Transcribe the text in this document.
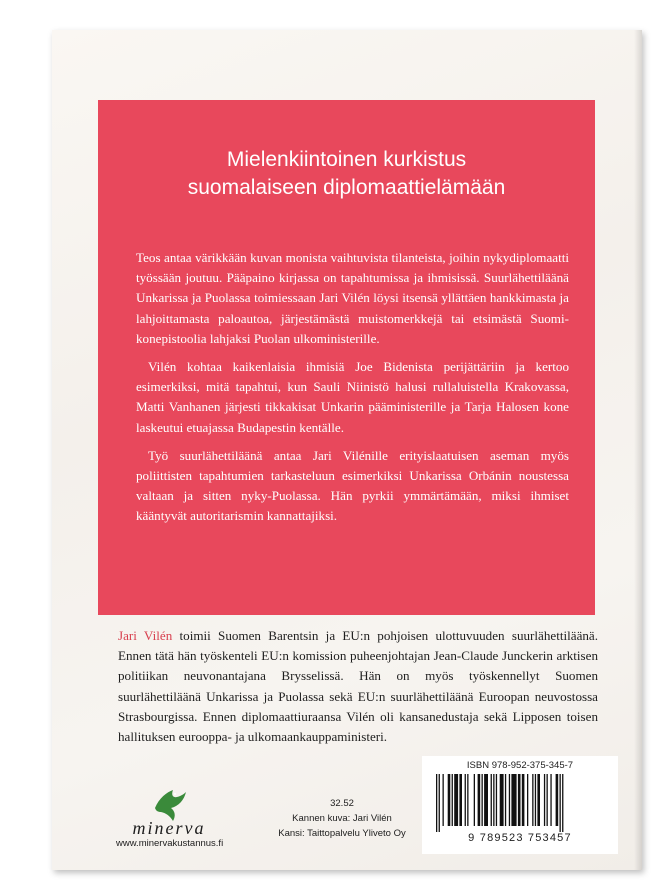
Mielenkiintoinen kurkistus
suomalaiseen diplomaattielämään

Teos antaa värikkään kuvan monista vaihtuvista tilanteista, joihin nykydiplomaatti työssään joutuu. Pääpaino kirjassa on tapahtumissa ja ihmisissä. Suurlähettiläänä Unkarissa ja Puolassa toimiessaan Jari Vilén löysi itsensä yllättäen hankkimasta ja lahjoittamasta paloautoa, järjestämästä muistomerkkejä tai etsimästä Suomi-konepistoolia lahjaksi Puolan ulkoministerille.

Vilén kohtaa kaikenlaisia ihmisiä Joe Bidenista perijättäriin ja kertoo esimerkiksi, mitä tapahtui, kun Sauli Niinistö halusi rullaluistella Krakovassa, Matti Vanhanen järjesti tikkakisat Unkarin pääministerille ja Tarja Halosen kone laskeutui etuajassa Budapestin kentälle.

Työ suurlähettiläänä antaa Jari Vilénille erityislaatuisen aseman myös poliittisten tapahtumien tarkasteluun esimerkiksi Unkarissa Orbánin noustessa valtaan ja sitten nyky-Puolassa. Hän pyrkii ymmärtämään, miksi ihmiset kääntyvät autoritarismin kannattajiksi.

Jari Vilén toimii Suomen Barentsin ja EU:n pohjoisen ulottuvuuden suurlähettiläänä. Ennen tätä hän työskenteli EU:n komission puheenjohtajan Jean-Claude Junckerin arktisen politiikan neuvonantajana Brysselissä. Hän on myös työskennellyt Suomen suurlähettiläänä Unkarissa ja Puolassa sekä EU:n suurlähettiläänä Euroopan neuvostossa Strasbourgissa. Ennen diplomaattiuraansa Vilén oli kansanedustaja sekä Lipposen toisen hallituksen eurooppa- ja ulkomaankauppaministeri.
minerva
www.minervakustannus.fi
32.52
Kannen kuva: Jari Vilén
Kansi: Taittopalvelu Yliveto Oy
ISBN 978-952-375-345-7
9 789523 753457
